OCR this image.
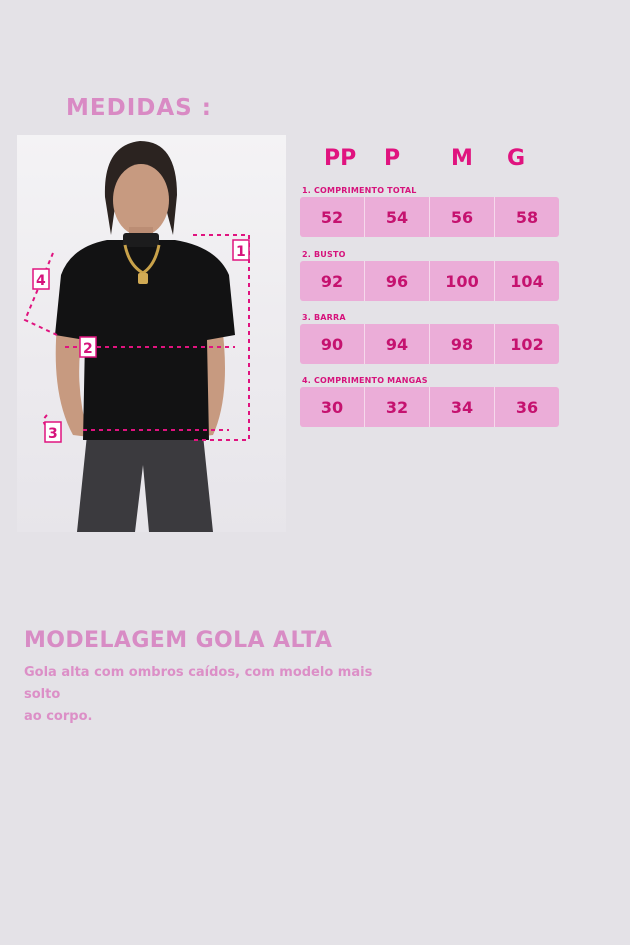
MEDIDAS :
1
2
3
4
PP P M G
1. COMPRIMENTO TOTAL
52	54	56	58
2. BUSTO
92	96	100	104
3. BARRA
90	94	98	102
4. COMPRIMENTO MANGAS
30	32	34	36
MODELAGEM GOLA ALTA
Gola alta com ombros caídos, com modelo mais solto
ao corpo.
